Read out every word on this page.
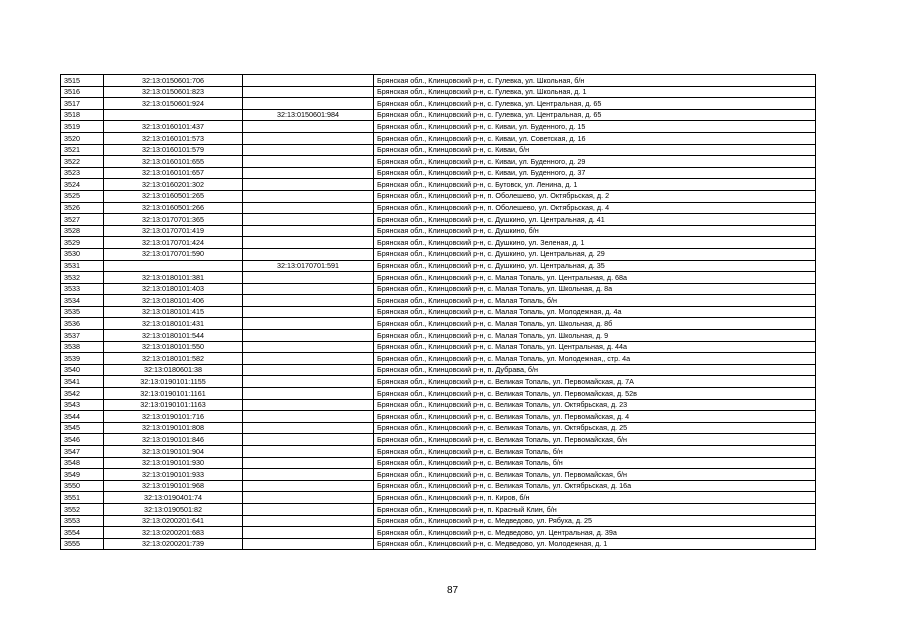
3515	32:13:0150601:706		Брянская обл., Клинцовский р-н, с. Гулевка, ул. Школьная, б/н
3516	32:13:0150601:823		Брянская обл., Клинцовский р-н, с. Гулевка, ул. Школьная, д. 1
3517	32:13:0150601:924		Брянская обл., Клинцовский р-н, с. Гулевка, ул. Центральная, д. 65
3518		32:13:0150601:984	Брянская обл., Клинцовский р-н, с. Гулевка, ул. Центральная, д. 65
3519	32:13:0160101:437		Брянская обл., Клинцовский р-н, с. Киваи, ул. Буденного, д. 15
3520	32:13:0160101:573		Брянская обл., Клинцовский р-н, с. Киваи, ул. Советская, д. 16
3521	32:13:0160101:579		Брянская обл., Клинцовский р-н, с. Киваи, б/н
3522	32:13:0160101:655		Брянская обл., Клинцовский р-н, с. Киваи, ул. Буденного, д. 29
3523	32:13:0160101:657		Брянская обл., Клинцовский р-н, с. Киваи, ул. Буденного, д. 37
3524	32:13:0160201:302		Брянская обл., Клинцовский р-н, с. Бутовск, ул. Ленина, д. 1
3525	32:13:0160501:265		Брянская обл., Клинцовский р-н, п. Оболешево, ул. Октябрьская, д. 2
3526	32:13:0160501:266		Брянская обл., Клинцовский р-н, п. Оболешево, ул. Октябрьская, д. 4
3527	32:13:0170701:365		Брянская обл., Клинцовский р-н, с. Душкино, ул. Центральная, д. 41
3528	32:13:0170701:419		Брянская обл., Клинцовский р-н, с. Душкино, б/н
3529	32:13:0170701:424		Брянская обл., Клинцовский р-н, с. Душкино, ул. Зеленая, д. 1
3530	32:13:0170701:590		Брянская обл., Клинцовский р-н, с. Душкино, ул. Центральная, д. 29
3531		32:13:0170701:591	Брянская обл., Клинцовский р-н, с. Душкино, ул. Центральная, д. 35
3532	32:13:0180101:381		Брянская обл., Клинцовский р-н, с. Малая Топаль, ул. Центральная, д. 68а
3533	32:13:0180101:403		Брянская обл., Клинцовский р-н, с. Малая Топаль, ул. Школьная, д. 8а
3534	32:13:0180101:406		Брянская обл., Клинцовский р-н, с. Малая Топаль, б/н
3535	32:13:0180101:415		Брянская обл., Клинцовский р-н, с. Малая Топаль, ул. Молодежная, д. 4а
3536	32:13:0180101:431		Брянская обл., Клинцовский р-н, с. Малая Топаль, ул. Школьная, д. 8б
3537	32:13:0180101:544		Брянская обл., Клинцовский р-н, с. Малая Топаль, ул. Школьная, д. 9
3538	32:13:0180101:550		Брянская обл., Клинцовский р-н, с. Малая Топаль, ул. Центральная, д. 44а
3539	32:13:0180101:582		Брянская обл., Клинцовский р-н, с. Малая Топаль, ул. Молодежная,, стр. 4а
3540	32:13:0180601:38		Брянская обл., Клинцовский р-н, п. Дубрава, б/н
3541	32:13:0190101:1155		Брянская обл., Клинцовский р-н, с. Великая Топаль, ул. Первомайская, д. 7А
3542	32:13:0190101:1161		Брянская обл., Клинцовский р-н, с. Великая Топаль, ул. Первомайская, д. 52в
3543	32:13:0190101:1163		Брянская обл., Клинцовский р-н, с. Великая Топаль, ул. Октябрьская, д. 23
3544	32:13:0190101:716		Брянская обл., Клинцовский р-н, с. Великая Топаль, ул. Первомайская, д. 4
3545	32:13:0190101:808		Брянская обл., Клинцовский р-н, с. Великая Топаль, ул. Октябрьская, д. 25
3546	32:13:0190101:846		Брянская обл., Клинцовский р-н, с. Великая Топаль, ул. Первомайская, б/н
3547	32:13:0190101:904		Брянская обл., Клинцовский р-н, с. Великая Топаль, б/н
3548	32:13:0190101:930		Брянская обл., Клинцовский р-н, с. Великая Топаль, б/н
3549	32:13:0190101:933		Брянская обл., Клинцовский р-н, с. Великая Топаль, ул. Первомайская, б/н
3550	32:13:0190101:968		Брянская обл., Клинцовский р-н, с. Великая Топаль, ул. Октябрьская, д. 16а
3551	32:13:0190401:74		Брянская обл., Клинцовский р-н, п. Киров, б/н
3552	32:13:0190501:82		Брянская обл., Клинцовский р-н, п. Красный Клин, б/н
3553	32:13:0200201:641		Брянская обл., Клинцовский р-н, с. Медведово, ул. Рябуха, д. 25
3554	32:13:0200201:683		Брянская обл., Клинцовский р-н, с. Медведово, ул. Центральная, д. 39а
3555	32:13:0200201:739		Брянская обл., Клинцовский р-н, с. Медведово, ул. Молодежная, д. 1
87
